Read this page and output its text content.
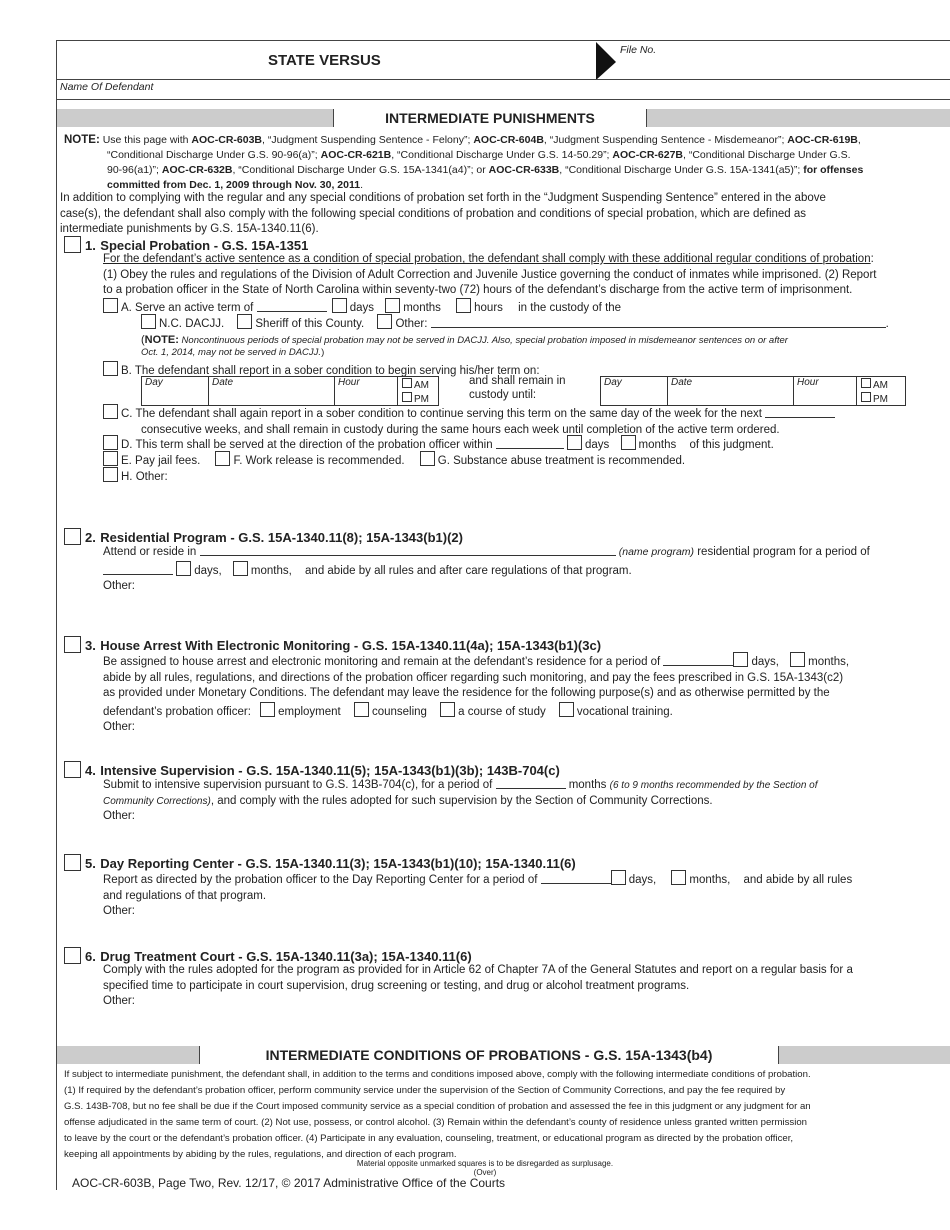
STATE VERSUS
File No.
Name Of Defendant
INTERMEDIATE PUNISHMENTS
NOTE: Use this page with AOC-CR-603B, “Judgment Suspending Sentence - Felony”; AOC-CR-604B, “Judgment Suspending Sentence - Misdemeanor”; AOC-CR-619B,
“Conditional Discharge Under G.S. 90-96(a)”; AOC-CR-621B, “Conditional Discharge Under G.S. 14-50.29”; AOC-CR-627B, “Conditional Discharge Under G.S.
90-96(a1)”; AOC-CR-632B, “Conditional Discharge Under G.S. 15A-1341(a4)”; or AOC-CR-633B, “Conditional Discharge Under G.S. 15A-1341(a5)”; for offenses
committed from Dec. 1, 2009 through Nov. 30, 2011.
In addition to complying with the regular and any special conditions of probation set forth in the “Judgment Suspending Sentence” entered in the above
case(s), the defendant shall also comply with the following special conditions of probation and conditions of special probation, which are defined as
intermediate punishments by G.S. 15A-1340.11(6).
1. Special Probation - G.S. 15A-1351
For the defendant’s active sentence as a condition of special probation, the defendant shall comply with these additional regular conditions of probation:
(1) Obey the rules and regulations of the Division of Adult Correction and Juvenile Justice governing the conduct of inmates while imprisoned. (2) Report
to a probation officer in the State of North Carolina within seventy-two (72) hours of the defendant’s discharge from the active term of imprisonment.
A. Serve an active term of	days	months	hours in the custody of the
N.C. DACJJ.	Sheriff of this County.	Other:	.
(NOTE: Noncontinuous periods of special probation may not be served in DACJJ. Also, special probation imposed in misdemeanor sentences on or after
Oct. 1, 2014, may not be served in DACJJ.)
B. The defendant shall report in a sober condition to begin serving his/her term on:
Day	Date	Hour	AM
PM
and shall remain in
custody until:
Day	Date	Hour	AM
PM
C. The defendant shall again report in a sober condition to continue serving this term on the same day of the week for the next
consecutive weeks, and shall remain in custody during the same hours each week until completion of the active term ordered.
D. This term shall be served at the direction of the probation officer within	days	months of this judgment.
E. Pay jail fees.	F. Work release is recommended.	G. Substance abuse treatment is recommended.
H. Other:
2. Residential Program - G.S. 15A-1340.11(8); 15A-1343(b1)(2)
Attend or reside in	(name program) residential program for a period of
days,	months, and abide by all rules and after care regulations of that program.
Other:
3. House Arrest With Electronic Monitoring - G.S. 15A-1340.11(4a); 15A-1343(b1)(3c)
Be assigned to house arrest and electronic monitoring and remain at the defendant’s residence for a period of	days,	months,
abide by all rules, regulations, and directions of the probation officer regarding such monitoring, and pay the fees prescribed in G.S. 15A-1343(c2)
as provided under Monetary Conditions. The defendant may leave the residence for the following purpose(s) and as otherwise permitted by the
defendant’s probation officer: employment	counseling	a course of study	vocational training.
Other:
4. Intensive Supervision - G.S. 15A-1340.11(5); 15A-1343(b1)(3b); 143B-704(c)
Submit to intensive supervision pursuant to G.S. 143B-704(c), for a period of	months (6 to 9 months recommended by the Section of
Community Corrections), and comply with the rules adopted for such supervision by the Section of Community Corrections.
Other:
5. Day Reporting Center - G.S. 15A-1340.11(3); 15A-1343(b1)(10); 15A-1340.11(6)
Report as directed by the probation officer to the Day Reporting Center for a period of	days,	months, and abide by all rules
and regulations of that program.
Other:
6. Drug Treatment Court - G.S. 15A-1340.11(3a); 15A-1340.11(6)
Comply with the rules adopted for the program as provided for in Article 62 of Chapter 7A of the General Statutes and report on a regular basis for a
specified time to participate in court supervision, drug screening or testing, and drug or alcohol treatment programs.
Other:
INTERMEDIATE CONDITIONS OF PROBATIONS - G.S. 15A-1343(b4)
If subject to intermediate punishment, the defendant shall, in addition to the terms and conditions imposed above, comply with the following intermediate conditions of probation.
(1) If required by the defendant’s probation officer, perform community service under the supervision of the Section of Community Corrections, and pay the fee required by
G.S. 143B-708, but no fee shall be due if the Court imposed community service as a special condition of probation and assessed the fee in this judgment or any judgment for an
offense adjudicated in the same term of court. (2) Not use, possess, or control alcohol. (3) Remain within the defendant’s county of residence unless granted written permission
to leave by the court or the defendant’s probation officer. (4) Participate in any evaluation, counseling, treatment, or educational program as directed by the probation officer,
keeping all appointments by abiding by the rules, regulations, and direction of each program.
Material opposite unmarked squares is to be disregarded as surplusage.
(Over)
AOC-CR-603B, Page Two, Rev. 12/17, © 2017 Administrative Office of the Courts
